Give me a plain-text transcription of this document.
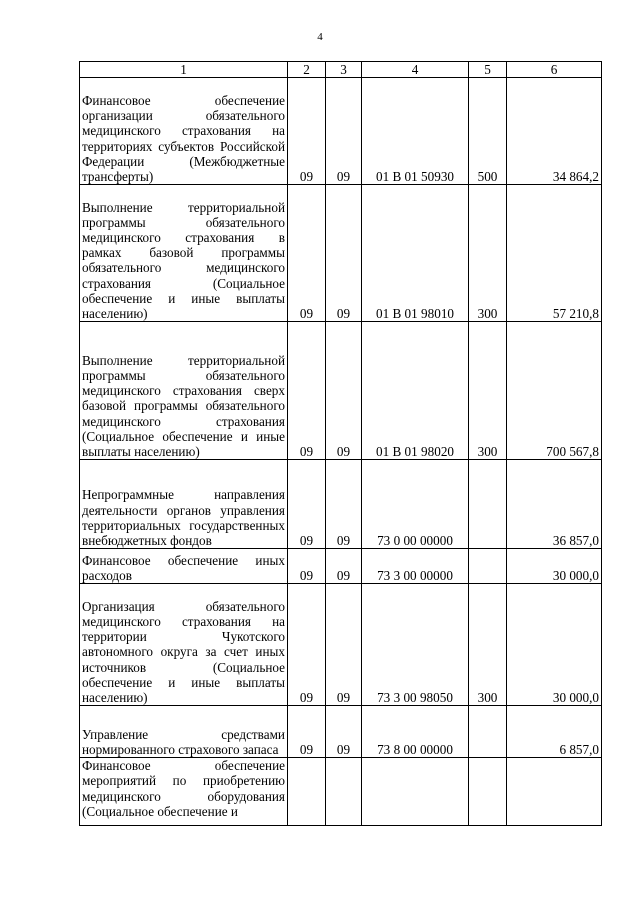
4
1	2	3	4	5	6
Финансовое обеспечение организации обязательного медицинского страхования на территориях субъектов Российской Федерации (Межбюджетные трансферты)	09	09	01 В 01 50930	500	34 864,2
Выполнение территориальной программы обязательного медицинского страхования в рамках базовой программы обязательного медицинского страхования (Социальное обеспечение и иные выплаты населению)	09	09	01 В 01 98010	300	57 210,8
Выполнение территориальной программы обязательного медицинского страхования сверх базовой программы обязательного медицинского страхования (Социальное обеспечение и иные выплаты населению)	09	09	01 В 01 98020	300	700 567,8
Непрограммные направления деятельности органов управления территориальных государственных внебюджетных фондов	09	09	73 0 00 00000		36 857,0
Финансовое обеспечение иных расходов	09	09	73 3 00 00000		30 000,0
Организация обязательного медицинского страхования на территории Чукотского автономного округа за счет иных источников (Социальное обеспечение и иные выплаты населению)	09	09	73 3 00 98050	300	30 000,0
Управление средствами нормированного страхового запаса	09	09	73 8 00 00000		6 857,0
Финансовое обеспечение мероприятий по приобретению медицинского оборудования (Социальное обеспечение и					
